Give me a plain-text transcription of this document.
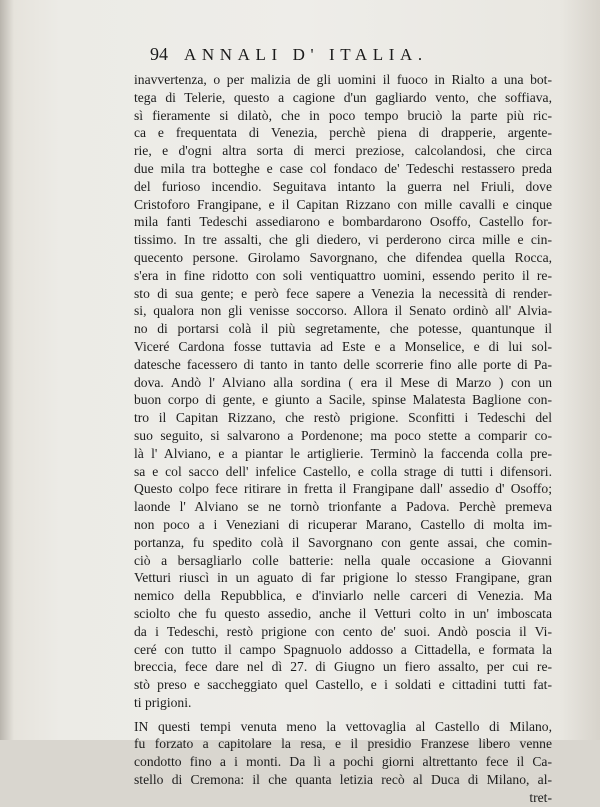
94 ANNALI D' ITALIA.
inavvertenza, o per malizia de gli uomini il fuoco in Rialto a una bot-
tega di Telerie, questo a cagione d'un gagliardo vento, che soffiava,
sì fieramente si dilatò, che in poco tempo bruciò la parte più ric-
ca e frequentata di Venezia, perchè piena di drapperie, argente-
rie, e d'ogni altra sorta di merci preziose, calcolandosi, che circa
due mila tra botteghe e case col fondaco de' Tedeschi restassero preda
del furioso incendio. Seguitava intanto la guerra nel Friuli, dove
Cristoforo Frangipane, e il Capitan Rizzano con mille cavalli e cinque
mila fanti Tedeschi assediarono e bombardarono Osoffo, Castello for-
tissimo. In tre assalti, che gli diedero, vi perderono circa mille e cin-
quecento persone. Girolamo Savorgnano, che difendea quella Rocca,
s'era in fine ridotto con soli ventiquattro uomini, essendo perito il re-
sto di sua gente; e però fece sapere a Venezia la necessità di render-
si, qualora non gli venisse soccorso. Allora il Senato ordinò all' Alvia-
no di portarsi colà il più segretamente, che potesse, quantunque il
Viceré Cardona fosse tuttavia ad Este e a Monselice, e di lui sol-
datesche facessero di tanto in tanto delle scorrerie fino alle porte di Pa-
dova. Andò l' Alviano alla sordina ( era il Mese di Marzo ) con un
buon corpo di gente, e giunto a Sacile, spinse Malatesta Baglione con-
tro il Capitan Rizzano, che restò prigione. Sconfitti i Tedeschi del
suo seguito, si salvarono a Pordenone; ma poco stette a comparir co-
là l' Alviano, e a piantar le artiglierie. Terminò la faccenda colla pre-
sa e col sacco dell' infelice Castello, e colla strage di tutti i difensori.
Questo colpo fece ritirare in fretta il Frangipane dall' assedio d' Osoffo;
laonde l' Alviano se ne tornò trionfante a Padova. Perchè premeva
non poco a i Veneziani di ricuperar Marano, Castello di molta im-
portanza, fu spedito colà il Savorgnano con gente assai, che comin-
ciò a bersagliarlo colle batterie: nella quale occasione a Giovanni
Vetturi riuscì in un aguato di far prigione lo stesso Frangipane, gran
nemico della Repubblica, e d'inviarlo nelle carceri di Venezia. Ma
sciolto che fu questo assedio, anche il Vetturi colto in un' imboscata
da i Tedeschi, restò prigione con cento de' suoi. Andò poscia il Vi-
ceré con tutto il campo Spagnuolo addosso a Cittadella, e formata la
breccia, fece dare nel dì 27. di Giugno un fiero assalto, per cui re-
stò preso e saccheggiato quel Castello, e i soldati e cittadini tutti fat-
ti prigioni.
IN questi tempi venuta meno la vettovaglia al Castello di Milano,
fu forzato a capitolare la resa, e il presidio Franzese libero venne
condotto fino a i monti. Da lì a pochi giorni altrettanto fece il Ca-
stello di Cremona: il che quanta letizia recò al Duca di Milano, al-
tret-
